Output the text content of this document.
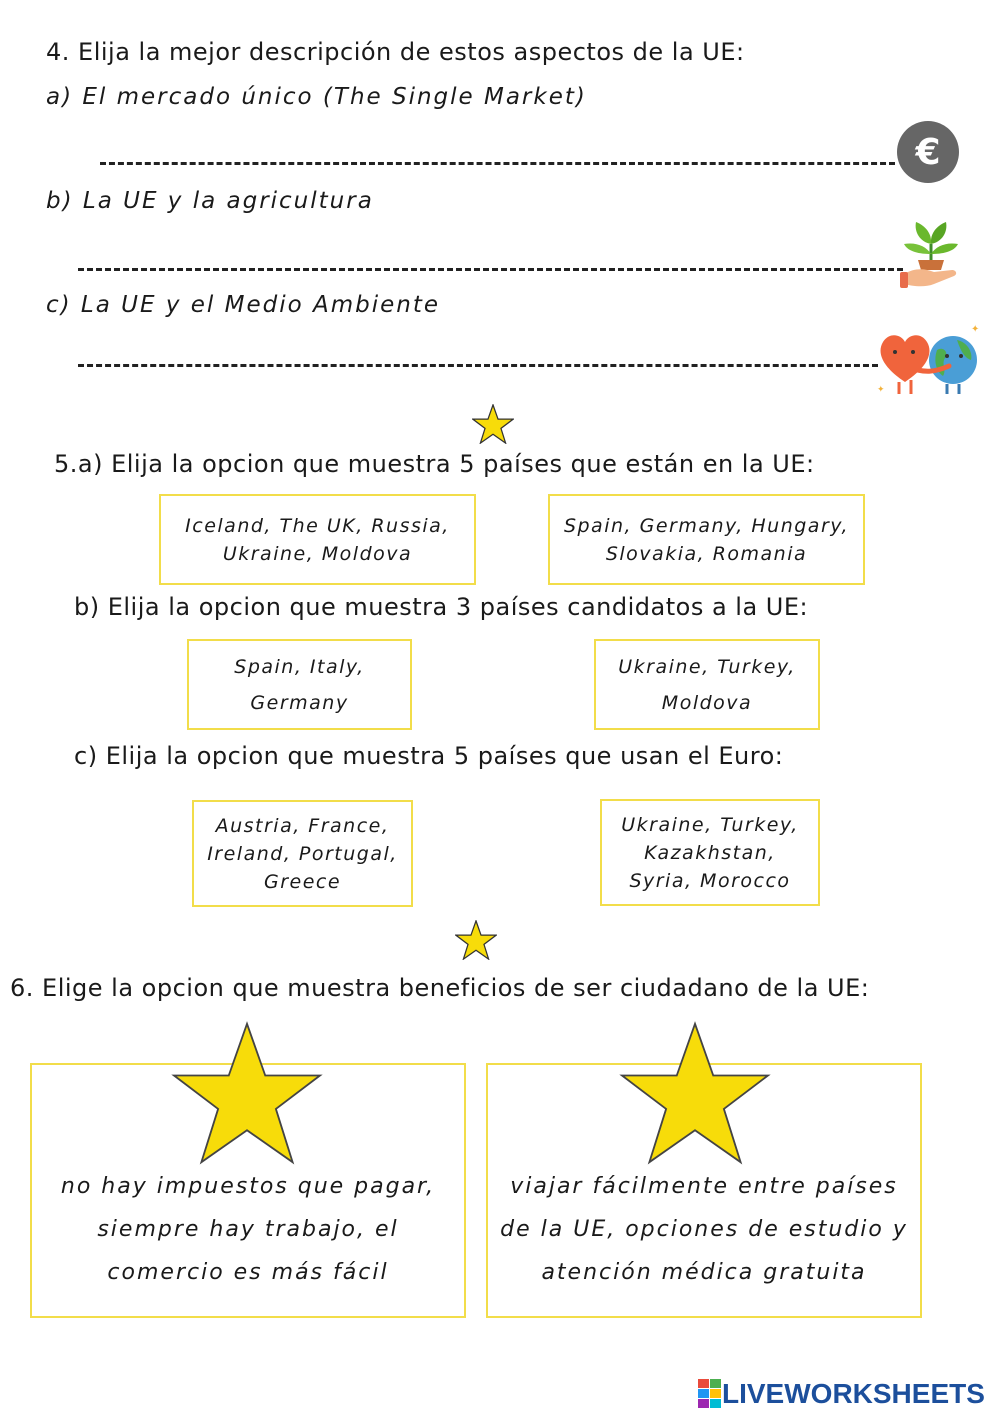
4. Elija la mejor descripción de estos aspectos de la UE:
a) El mercado único (The Single Market)
€
b) La UE y la agricultura
c) La UE y el Medio Ambiente
✦
✦
5.a) Elija la opcion que muestra 5 países que están en la UE:
Iceland, The UK, Russia,
Ukraine, Moldova
Spain, Germany, Hungary,
Slovakia, Romania
b) Elija la opcion que muestra 3 países candidatos a la UE:
Spain, Italy,
Germany
Ukraine, Turkey,
Moldova
c) Elija la opcion que muestra 5 países que usan el Euro:
Austria, France,
Ireland, Portugal,
Greece
Ukraine, Turkey,
Kazakhstan,
Syria, Morocco
6. Elige la opcion que muestra beneficios de ser ciudadano de la UE:
no hay impuestos que pagar,
siempre hay trabajo, el
comercio es más fácil
viajar fácilmente entre países
de la UE, opciones de estudio y
atención médica gratuita
LIVEWORKSHEETS
